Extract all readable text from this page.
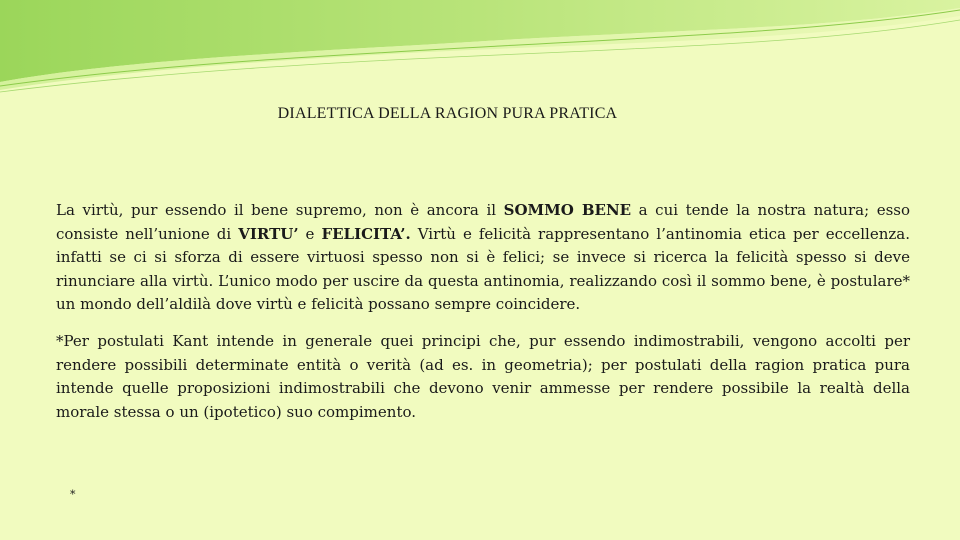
DIALETTICA DELLA RAGION PURA PRATICA

La virtù, pur essendo il bene supremo, non è ancora il SOMMO BENE a cui tende la nostra natura; esso consiste nell’unione di VIRTU’ e FELICITA’. Virtù e felicità rappresentano l’antinomia etica per eccellenza. infatti se ci si sforza di essere virtuosi spesso non si è felici; se invece si ricerca la felicità spesso si deve rinunciare alla virtù. L’unico modo per uscire da questa antinomia, realizzando così il sommo bene, è postulare* un mondo dell’aldilà dove virtù e felicità possano sempre coincidere.

*Per postulati Kant intende in generale quei principi che, pur essendo indimostrabili, vengono accolti per rendere possibili determinate entità o verità (ad es. in geometria); per postulati della ragion pratica pura intende quelle proposizioni indimostrabili che devono venir ammesse per rendere possibile la realtà della morale stessa o un (ipotetico) suo compimento.

*
